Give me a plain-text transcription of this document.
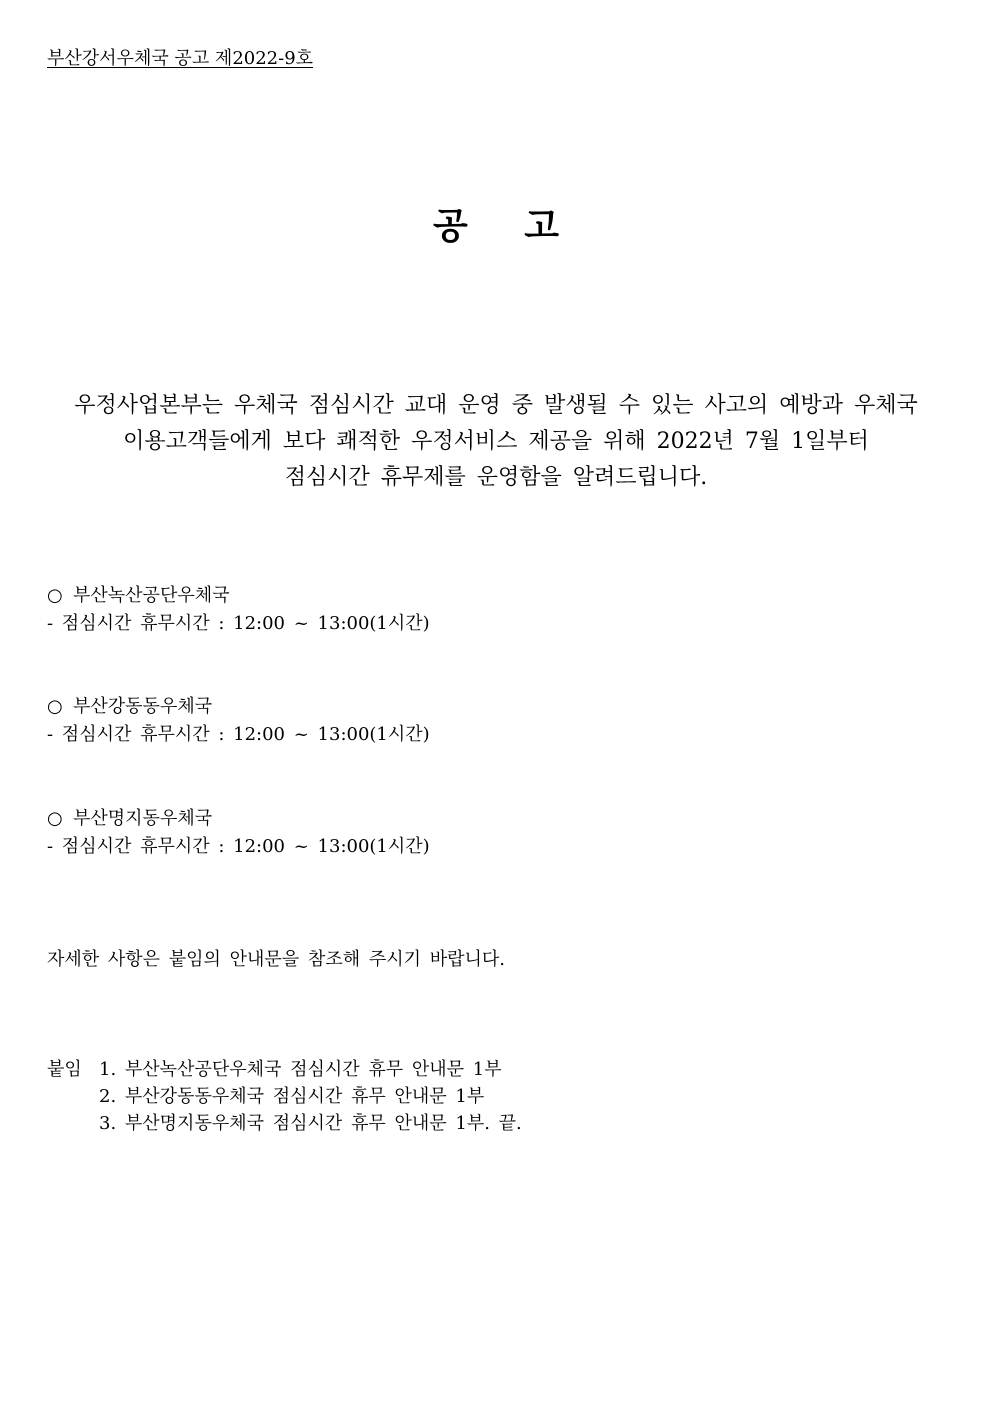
부산강서우체국 공고 제2022-9호
공 고
우정사업본부는 우체국 점심시간 교대 운영 중 발생될 수 있는 사고의 예방과 우체국
이용고객들에게 보다 쾌적한 우정서비스 제공을 위해 2022년 7월 1일부터
점심시간 휴무제를 운영함을 알려드립니다.
○ 부산녹산공단우체국
- 점심시간 휴무시간 : 12:00 ~ 13:00(1시간)
○ 부산강동동우체국
- 점심시간 휴무시간 : 12:00 ~ 13:00(1시간)
○ 부산명지동우체국
- 점심시간 휴무시간 : 12:00 ~ 13:00(1시간)
자세한 사항은 붙임의 안내문을 참조해 주시기 바랍니다.
붙임 1. 부산녹산공단우체국 점심시간 휴무 안내문 1부
2. 부산강동동우체국 점심시간 휴무 안내문 1부
3. 부산명지동우체국 점심시간 휴무 안내문 1부. 끝.
